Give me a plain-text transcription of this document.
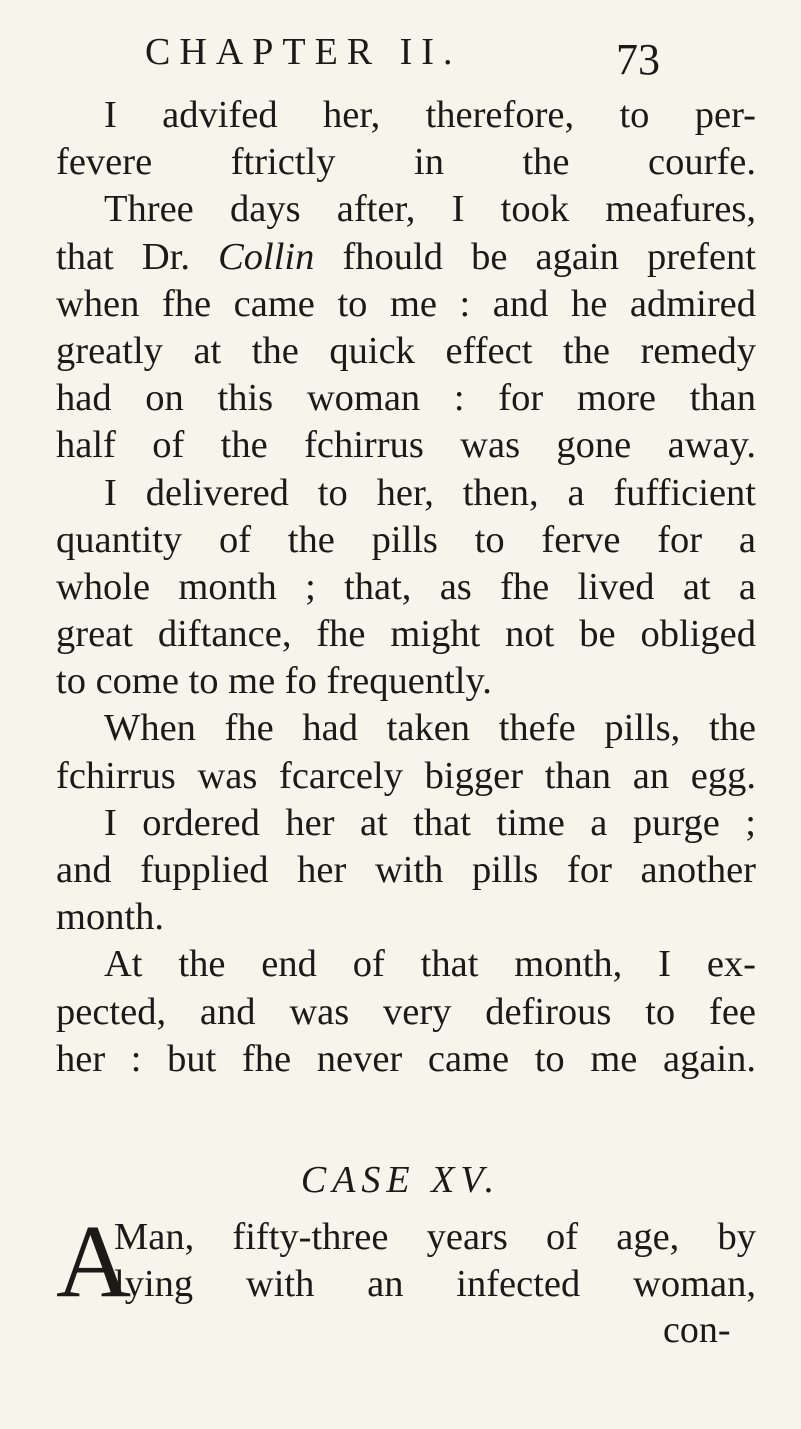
CHAPTER II.	73
I advifed her, therefore, to per-
fevere ftrictly in the courfe.
Three days after, I took meafures,
that Dr. Collin fhould be again prefent
when fhe came to me : and he admired
greatly at the quick effect the remedy
had on this woman : for more than
half of the fchirrus was gone away.
I delivered to her, then, a fufficient
quantity of the pills to ferve for a
whole month ; that, as fhe lived at a
great diftance, fhe might not be obliged
to come to me fo frequently.
When fhe had taken thefe pills, the
fchirrus was fcarcely bigger than an egg.
I ordered her at that time a purge ;
and fupplied her with pills for another
month.
At the end of that month, I ex-
pected, and was very defirous to fee
her : but fhe never came to me again.
CASE XV.
A
Man, fifty-three years of age, by
lying with an infected woman,
con-
